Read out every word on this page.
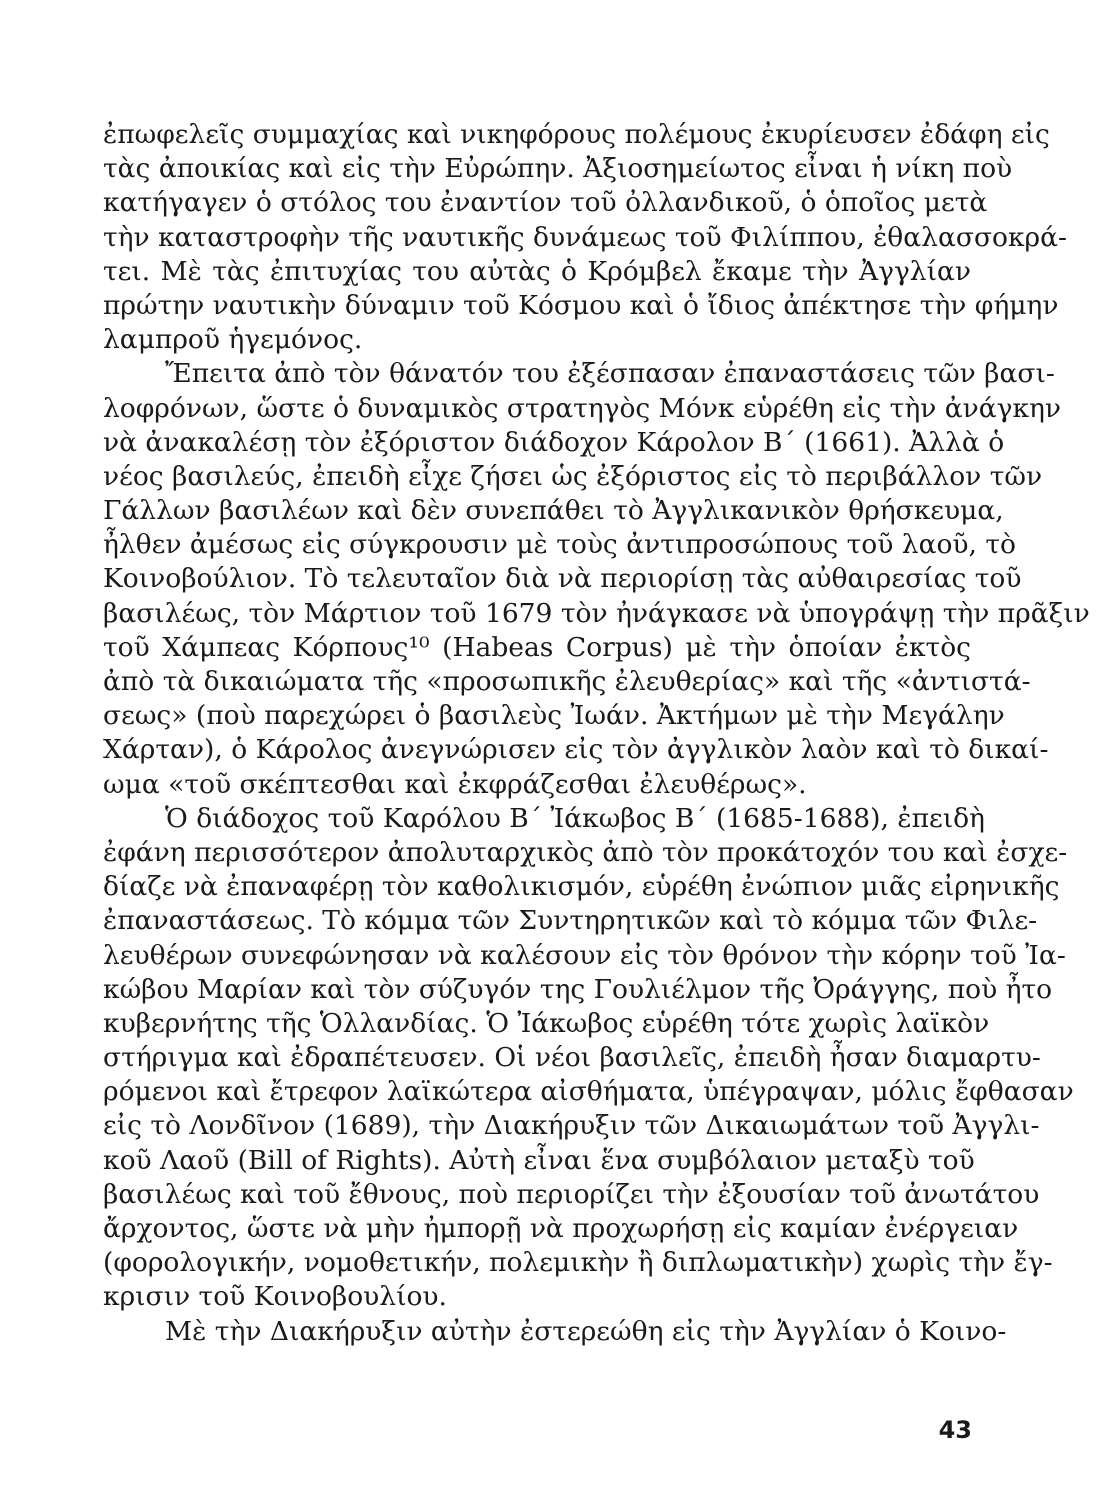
ἐπωφελεῖς συμμαχίας καὶ νικηφόρους πολέμους ἐκυρίευσεν ἐδάφη εἰς
τὰς ἀποικίας καὶ εἰς τὴν Εὐρώπην. Ἀξιοσημείωτος εἶναι ἡ νίκη ποὺ
κατήγαγεν ὁ στόλος του ἐναντίον τοῦ ὀλλανδικοῦ, ὁ ὁποῖος μετὰ
τὴν καταστροφὴν τῆς ναυτικῆς δυνάμεως τοῦ Φιλίππου, ἐθαλασσοκρά-
τει. Μὲ τὰς ἐπιτυχίας του αὐτὰς ὁ Κρόμβελ ἔκαμε τὴν Ἀγγλίαν
πρώτην ναυτικὴν δύναμιν τοῦ Κόσμου καὶ ὁ ἴδιος ἀπέκτησε τὴν φήμην
λαμπροῦ ἡγεμόνος.
Ἔπειτα ἀπὸ τὸν θάνατόν του ἐξέσπασαν ἐπαναστάσεις τῶν βασι-
λοφρόνων, ὥστε ὁ δυναμικὸς στρατηγὸς Μόνκ εὑρέθη εἰς τὴν ἀνάγκην
νὰ ἀνακαλέσῃ τὸν ἐξόριστον διάδοχον Κάρολον Β΄ (1661). Ἀλλὰ ὁ
νέος βασιλεύς, ἐπειδὴ εἶχε ζήσει ὡς ἐξόριστος εἰς τὸ περιβάλλον τῶν
Γάλλων βασιλέων καὶ δὲν συνεπάθει τὸ Ἀγγλικανικὸν θρήσκευμα,
ἦλθεν ἀμέσως εἰς σύγκρουσιν μὲ τοὺς ἀντιπροσώπους τοῦ λαοῦ, τὸ
Κοινοβούλιον. Τὸ τελευταῖον διὰ νὰ περιορίσῃ τὰς αὐθαιρεσίας τοῦ
βασιλέως, τὸν Μάρτιον τοῦ 1679 τὸν ἠνάγκασε νὰ ὑπογράψῃ τὴν πρᾶξιν
τοῦ Χάμπεας Κόρπους¹⁰ (Habeas Corpus) μὲ τὴν ὁποίαν ἐκτὸς
ἀπὸ τὰ δικαιώματα τῆς «προσωπικῆς ἐλευθερίας» καὶ τῆς «ἀντιστά-
σεως» (ποὺ παρεχώρει ὁ βασιλεὺς Ἰωάν. Ἀκτήμων μὲ τὴν Μεγάλην
Χάρταν), ὁ Κάρολος ἀνεγνώρισεν εἰς τὸν ἀγγλικὸν λαὸν καὶ τὸ δικαί-
ωμα «τοῦ σκέπτεσθαι καὶ ἐκφράζεσθαι ἐλευθέρως».
Ὁ διάδοχος τοῦ Καρόλου Β΄ Ἰάκωβος Β΄ (1685-1688), ἐπειδὴ
ἐφάνη περισσότερον ἀπολυταρχικὸς ἀπὸ τὸν προκάτοχόν του καὶ ἐσχε-
δίαζε νὰ ἐπαναφέρῃ τὸν καθολικισμόν, εὑρέθη ἐνώπιον μιᾶς εἰρηνικῆς
ἐπαναστάσεως. Τὸ κόμμα τῶν Συντηρητικῶν καὶ τὸ κόμμα τῶν Φιλε-
λευθέρων συνεφώνησαν νὰ καλέσουν εἰς τὸν θρόνον τὴν κόρην τοῦ Ἰα-
κώβου Μαρίαν καὶ τὸν σύζυγόν της Γουλιέλμον τῆς Ὀράγγης, ποὺ ἦτο
κυβερνήτης τῆς Ὁλλανδίας. Ὁ Ἰάκωβος εὑρέθη τότε χωρὶς λαϊκὸν
στήριγμα καὶ ἐδραπέτευσεν. Οἱ νέοι βασιλεῖς, ἐπειδὴ ἦσαν διαμαρτυ-
ρόμενοι καὶ ἔτρεφον λαϊκώτερα αἰσθήματα, ὑπέγραψαν, μόλις ἔφθασαν
εἰς τὸ Λονδῖνον (1689), τὴν Διακήρυξιν τῶν Δικαιωμάτων τοῦ Ἀγγλι-
κοῦ Λαοῦ (Bill of Rights). Αὐτὴ εἶναι ἕνα συμβόλαιον μεταξὺ τοῦ
βασιλέως καὶ τοῦ ἔθνους, ποὺ περιορίζει τὴν ἐξουσίαν τοῦ ἀνωτάτου
ἄρχοντος, ὥστε νὰ μὴν ἠμπορῇ νὰ προχωρήσῃ εἰς καμίαν ἐνέργειαν
(φορολογικήν, νομοθετικήν, πολεμικὴν ἢ διπλωματικὴν) χωρὶς τὴν ἔγ-
κρισιν τοῦ Κοινοβουλίου.
Μὲ τὴν Διακήρυξιν αὐτὴν ἐστερεώθη εἰς τὴν Ἀγγλίαν ὁ Κοινο-
43
